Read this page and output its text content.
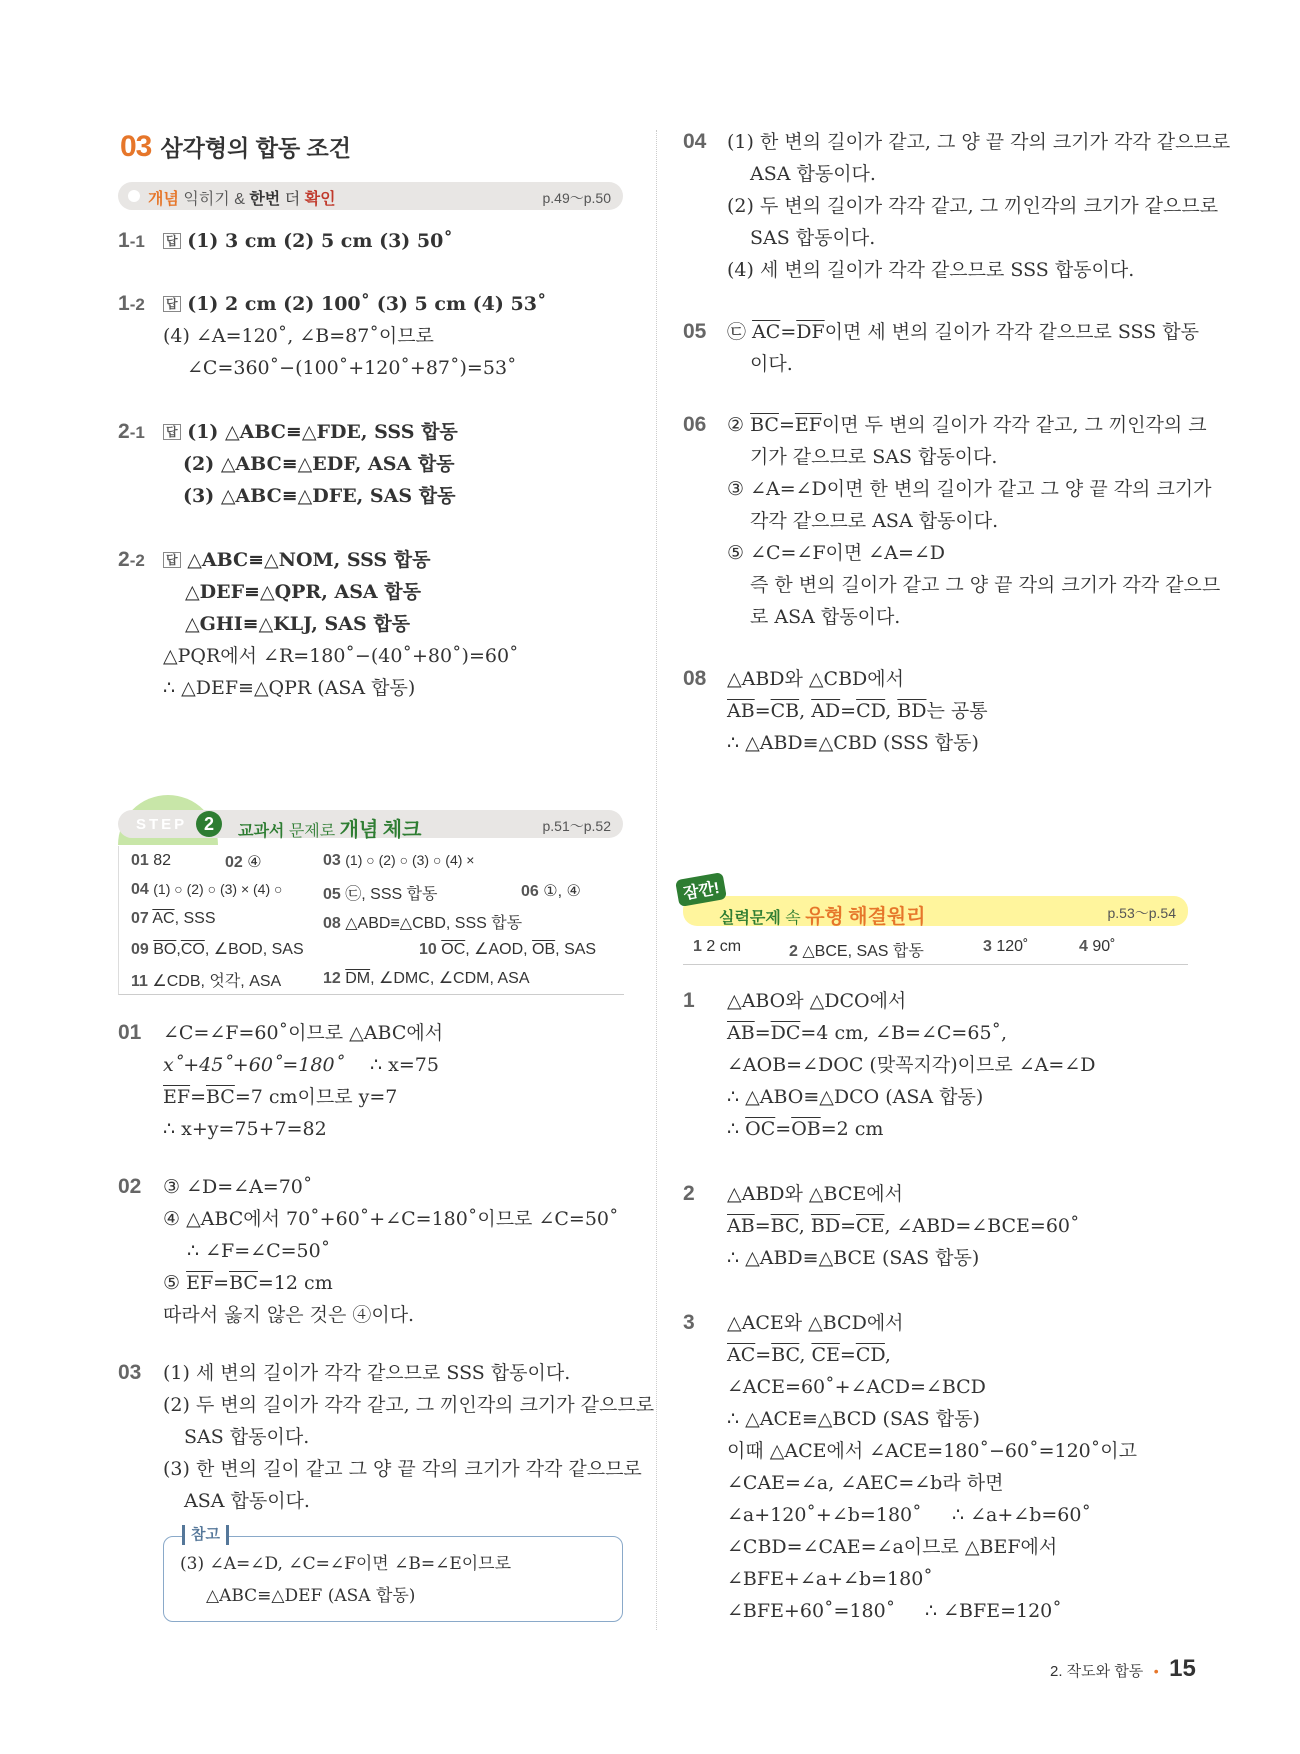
03 삼각형의 합동 조건
개념 익히기 & 한번 더 확인	p.49～p.50
1-1 답 (1) 3 cm (2) 5 cm (3) 50˚
1-2 답 (1) 2 cm (2) 100˚ (3) 5 cm (4) 53˚
(4) ∠A=120˚, ∠B=87˚이므로
∠C=360˚−(100˚+120˚+87˚)=53˚
2-1 답 (1) △ABC≡△FDE, SSS 합동
(2) △ABC≡△EDF, ASA 합동
(3) △ABC≡△DFE, SAS 합동
2-2 답 △ABC≡△NOM, SSS 합동
△DEF≡△QPR, ASA 합동
△GHI≡△KLJ, SAS 합동
△PQR에서 ∠R=180˚−(40˚+80˚)=60˚
∴ △DEF≡△QPR (ASA 합동)
STEP 2	교과서 문제로 개념 체크	p.51～p.52
01 82	02 ④	03 (1) ○ (2) ○ (3) ○ (4) ×
04 (1) ○ (2) ○ (3) × (4) ○	05 ㉢, SSS 합동	06 ①, ④
07 $\overline{AC}$, SSS	08 △ABD≡△CBD, SSS 합동
09 $\overline{BO},\overline{CO}$, ∠BOD, SAS	10 $\overline{OC}$, ∠AOD, $\overline{OB}$, SAS
11 ∠CDB, 엇각, ASA	12 $\overline{DM}$, ∠DMC, ∠CDM, ASA
01 ∠C=∠F=60˚이므로 △ABC에서
x˚+45˚+60˚=180˚ ∴ x=75
$\overline{EF}=\overline{BC}=7$ cm이므로 y=7
∴ x+y=75+7=82
02 ③ ∠D=∠A=70˚
④ △ABC에서 70˚+60˚+∠C=180˚이므로 ∠C=50˚
∴ ∠F=∠C=50˚
⑤ $\overline{EF}=\overline{BC}=12$ cm
따라서 옳지 않은 것은 ④이다.
03 (1) 세 변의 길이가 각각 같으므로 SSS 합동이다.
(2) 두 변의 길이가 각각 같고, 그 끼인각의 크기가 같으므로
SAS 합동이다.
(3) 한 변의 길이 같고 그 양 끝 각의 크기가 각각 같으므로
ASA 합동이다.
참고
(3) ∠A=∠D, ∠C=∠F이면 ∠B=∠E이므로
△ABC≡△DEF (ASA 합동)
04 (1) 한 변의 길이가 같고, 그 양 끝 각의 크기가 각각 같으므로
ASA 합동이다.
(2) 두 변의 길이가 각각 같고, 그 끼인각의 크기가 같으므로
SAS 합동이다.
(4) 세 변의 길이가 각각 같으므로 SSS 합동이다.
05 ㉢ $\overline{AC}=\overline{DF}$이면 세 변의 길이가 각각 같으므로 SSS 합동
이다.
06 ② $\overline{BC}=\overline{EF}$이면 두 변의 길이가 각각 같고, 그 끼인각의 크
기가 같으므로 SAS 합동이다.
③ ∠A=∠D이면 한 변의 길이가 같고 그 양 끝 각의 크기가
각각 같으므로 ASA 합동이다.
⑤ ∠C=∠F이면 ∠A=∠D
즉 한 변의 길이가 같고 그 양 끝 각의 크기가 각각 같으므
로 ASA 합동이다.
08 △ABD와 △CBD에서
$\overline{AB}=\overline{CB}$, $\overline{AD}=\overline{CD}$, $\overline{BD}$는 공통
∴ △ABD≡△CBD (SSS 합동)
잠깐!
실력문제 속 유형 해결원리	p.53～p.54
1 2 cm	2 △BCE, SAS 합동	3 120˚	4 90˚
1 △ABO와 △DCO에서
$\overline{AB}=\overline{DC}=4$ cm, ∠B=∠C=65˚,
∠AOB=∠DOC (맞꼭지각)이므로 ∠A=∠D
∴ △ABO≡△DCO (ASA 합동)
∴ $\overline{OC}=\overline{OB}=2$ cm
2 △ABD와 △BCE에서
$\overline{AB}=\overline{BC}$, $\overline{BD}=\overline{CE}$, ∠ABD=∠BCE=60˚
∴ △ABD≡△BCE (SAS 합동)
3 △ACE와 △BCD에서
$\overline{AC}=\overline{BC}$, $\overline{CE}=\overline{CD}$,
∠ACE=60˚+∠ACD=∠BCD
∴ △ACE≡△BCD (SAS 합동)
이때 △ACE에서 ∠ACE=180˚−60˚=120˚이고
∠CAE=∠a, ∠AEC=∠b라 하면
∠a+120˚+∠b=180˚ ∴ ∠a+∠b=60˚
∠CBD=∠CAE=∠a이므로 △BEF에서
∠BFE+∠a+∠b=180˚
∠BFE+60˚=180˚ ∴ ∠BFE=120˚
2. 작도와 합동 • 15
